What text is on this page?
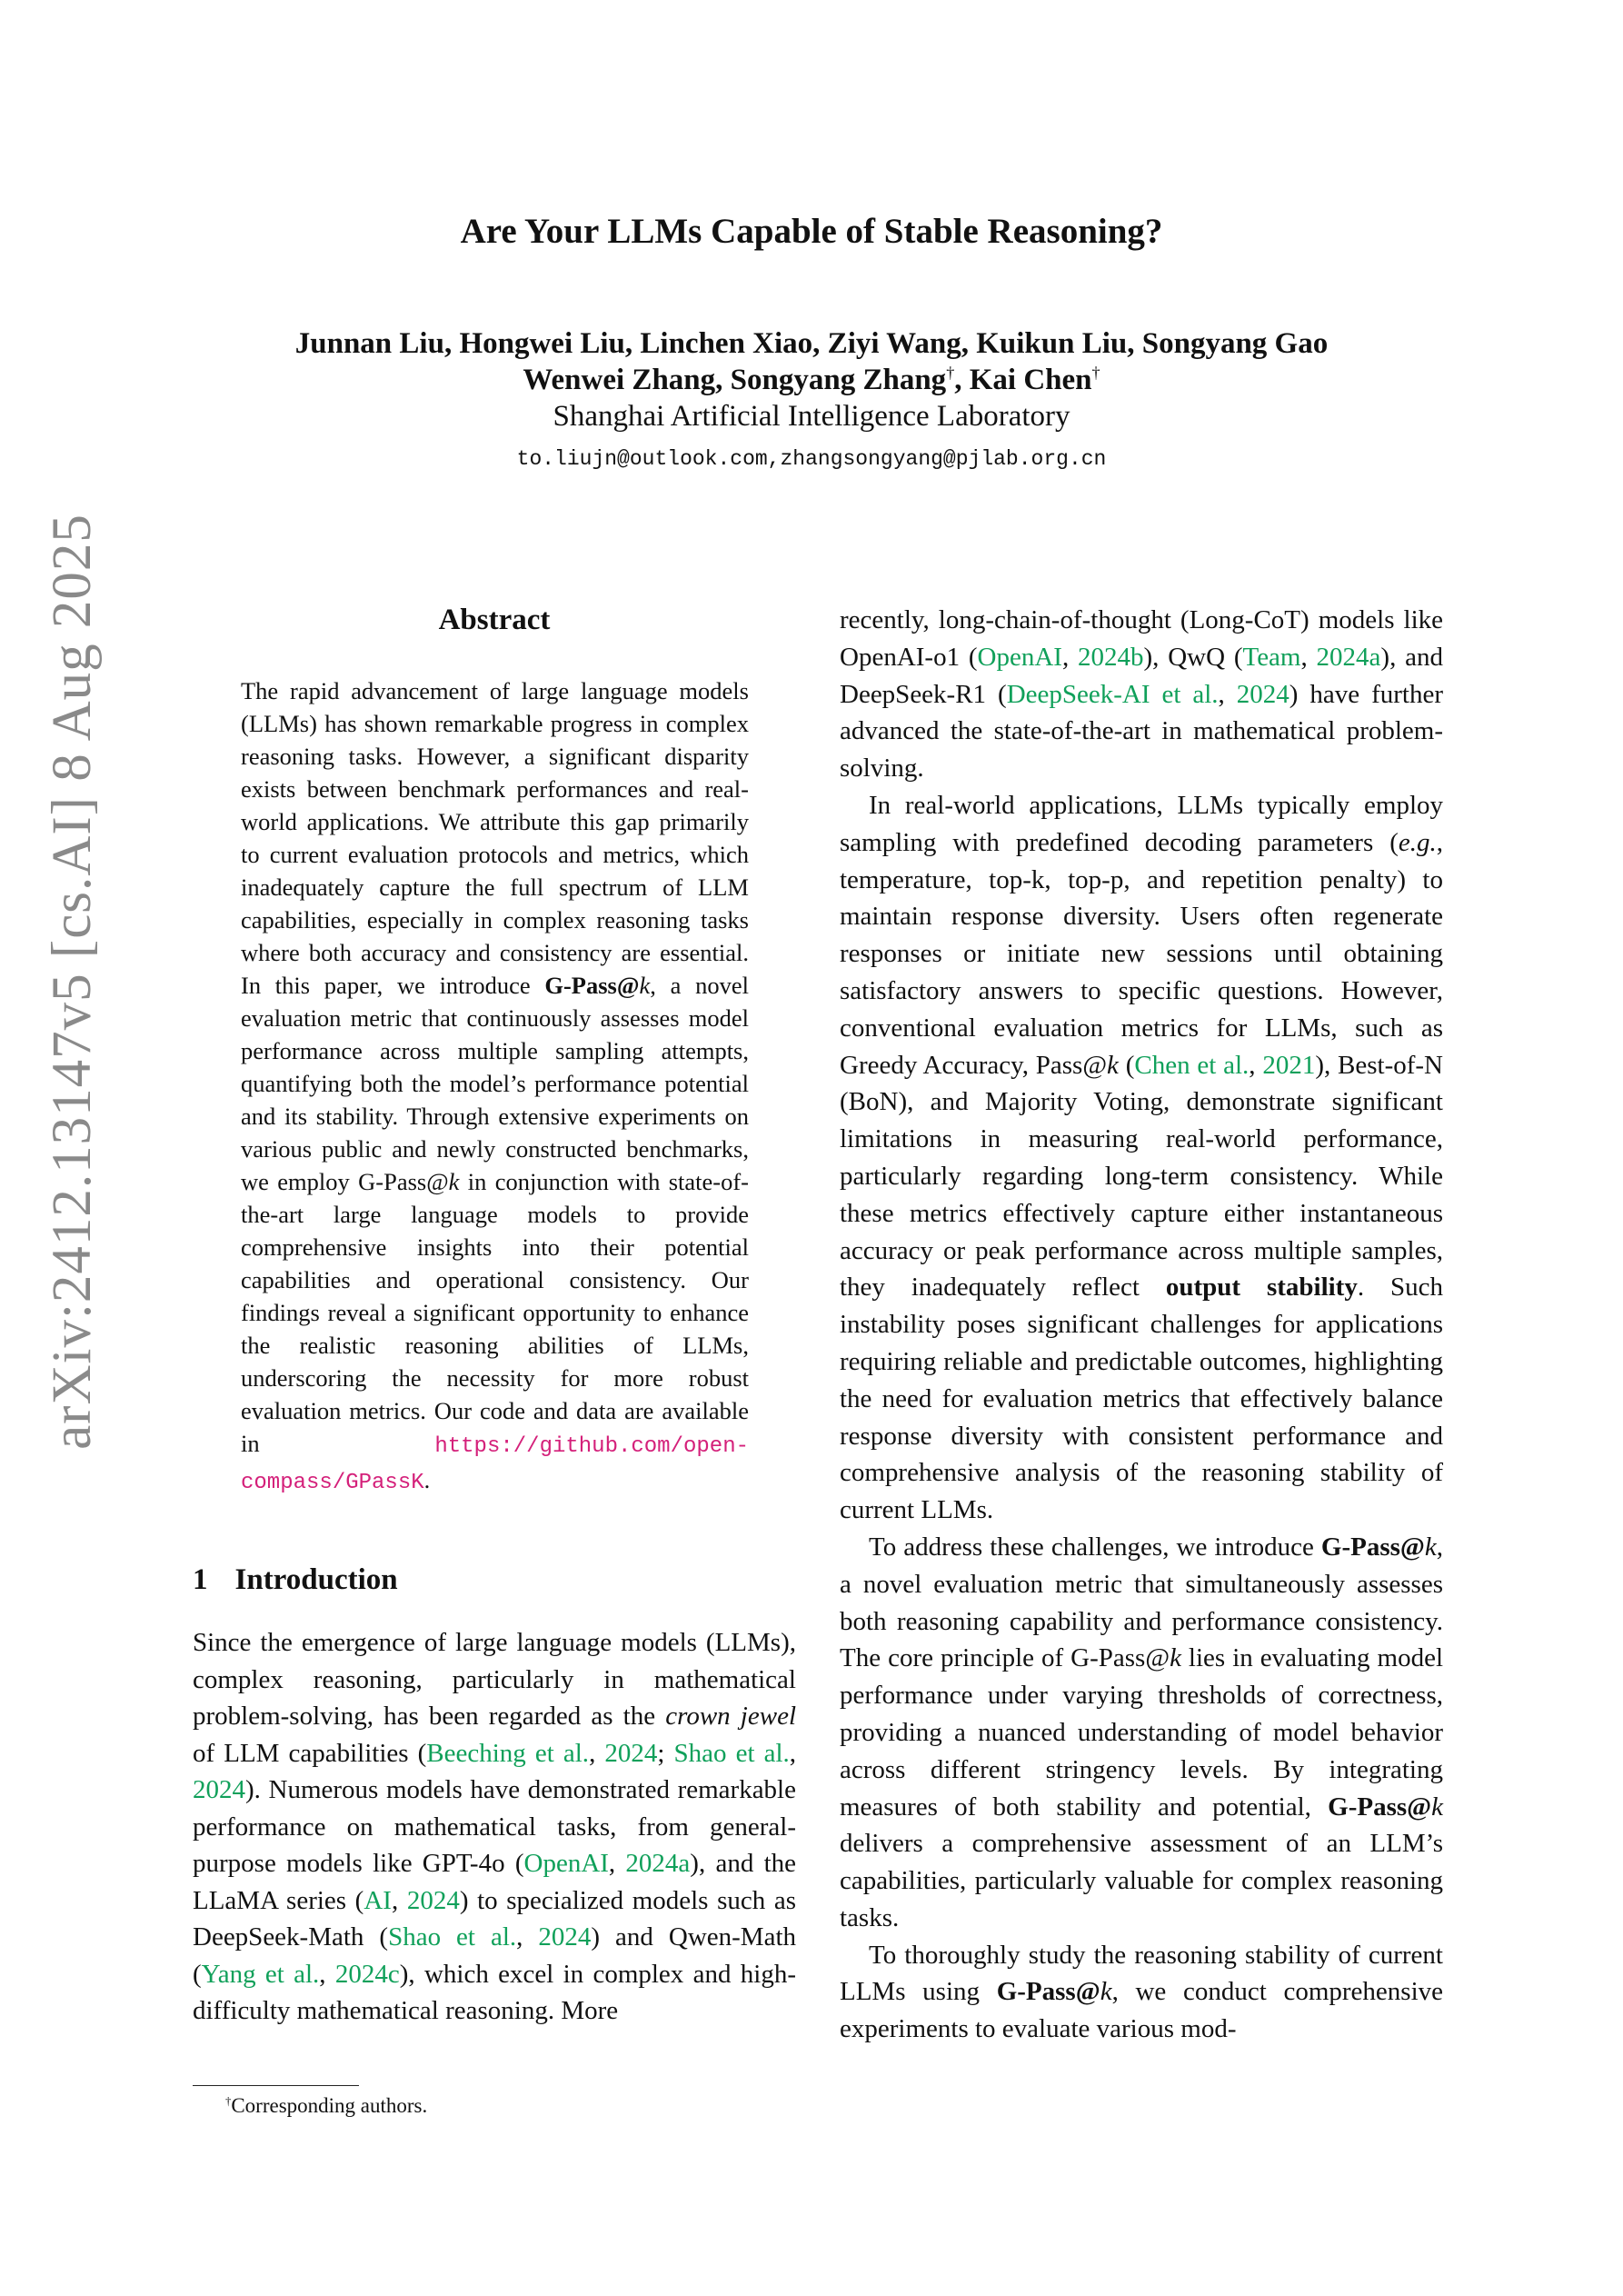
Are Your LLMs Capable of Stable Reasoning?
Junnan Liu, Hongwei Liu, Linchen Xiao, Ziyi Wang, Kuikun Liu, Songyang Gao
Wenwei Zhang, Songyang Zhang†, Kai Chen†
Shanghai Artificial Intelligence Laboratory
to.liujn@outlook.com,zhangsongyang@pjlab.org.cn
arXiv:2412.13147v5 [cs.AI] 8 Aug 2025	Abstract

The rapid advancement of large language models (LLMs) has shown remarkable progress in complex reasoning tasks. However, a significant disparity exists between benchmark performances and real-world applications. We attribute this gap primarily to current evaluation protocols and metrics, which inadequately capture the full spectrum of LLM capabilities, especially in complex reasoning tasks where both accuracy and consistency are essential. In this paper, we introduce G-Pass@k, a novel evaluation metric that continuously assesses model performance across multiple sampling attempts, quantifying both the model’s performance potential and its stability. Through extensive experiments on various public and newly constructed benchmarks, we employ G-Pass@k in conjunction with state-of-the-art large language models to provide comprehensive insights into their potential capabilities and operational consistency. Our findings reveal a significant opportunity to enhance the realistic reasoning abilities of LLMs, underscoring the necessity for more robust evaluation metrics. Our code and data are available in https://github.com/open-compass/GPassK.

1 Introduction

Since the emergence of large language models (LLMs), complex reasoning, particularly in mathematical problem-solving, has been regarded as the crown jewel of LLM capabilities (Beeching et al., 2024; Shao et al., 2024). Numerous models have demonstrated remarkable performance on mathematical tasks, from general-purpose models like GPT-4o (OpenAI, 2024a), and the LLaMA series (AI, 2024) to specialized models such as DeepSeek-Math (Shao et al., 2024) and Qwen-Math (Yang et al., 2024c), which excel in complex and high-difficulty mathematical reasoning. More

recently, long-chain-of-thought (Long-CoT) models like OpenAI-o1 (OpenAI, 2024b), QwQ (Team, 2024a), and DeepSeek-R1 (DeepSeek-AI et al., 2024) have further advanced the state-of-the-art in mathematical problem-solving.

In real-world applications, LLMs typically employ sampling with predefined decoding parameters (e.g., temperature, top-k, top-p, and repetition penalty) to maintain response diversity. Users often regenerate responses or initiate new sessions until obtaining satisfactory answers to specific questions. However, conventional evaluation metrics for LLMs, such as Greedy Accuracy, Pass@k (Chen et al., 2021), Best-of-N (BoN), and Majority Voting, demonstrate significant limitations in measuring real-world performance, particularly regarding long-term consistency. While these metrics effectively capture either instantaneous accuracy or peak performance across multiple samples, they inadequately reflect output stability. Such instability poses significant challenges for applications requiring reliable and predictable outcomes, highlighting the need for evaluation metrics that effectively balance response diversity with consistent performance and comprehensive analysis of the reasoning stability of current LLMs.

To address these challenges, we introduce G-Pass@k, a novel evaluation metric that simultaneously assesses both reasoning capability and performance consistency. The core principle of G-Pass@k lies in evaluating model performance under varying thresholds of correctness, providing a nuanced understanding of model behavior across different stringency levels. By integrating measures of both stability and potential, G-Pass@k delivers a comprehensive assessment of an LLM’s capabilities, particularly valuable for complex reasoning tasks.

To thoroughly study the reasoning stability of current LLMs using G-Pass@k, we conduct comprehensive experiments to evaluate various mod-

†Corresponding authors.
